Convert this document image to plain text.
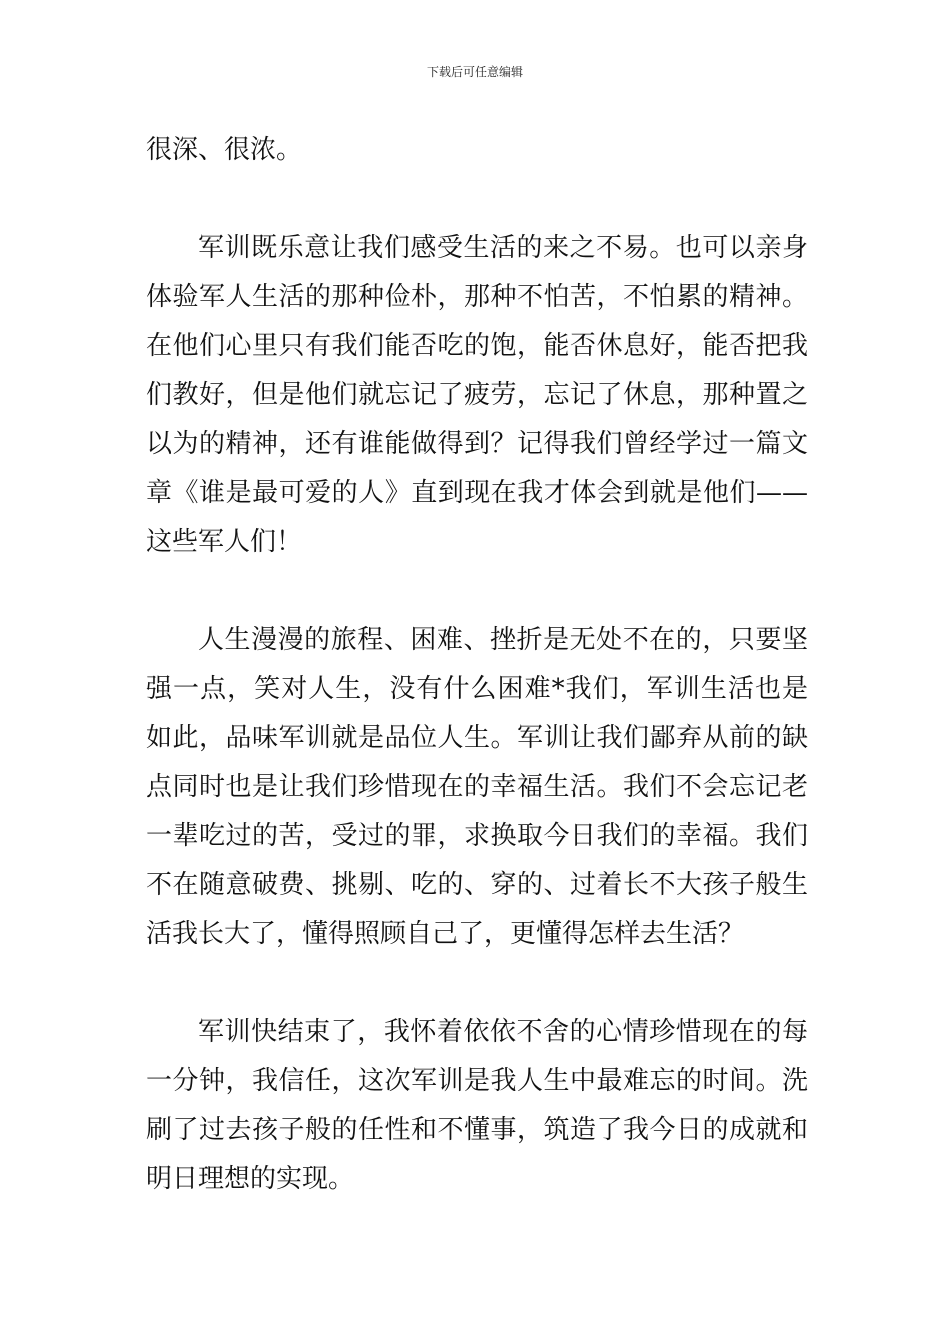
下载后可任意编辑

很深、很浓。

军训既乐意让我们感受生活的来之不易。也可以亲身体验军人生活的那种俭朴，那种不怕苦，不怕累的精神。在他们心里只有我们能否吃的饱，能否休息好，能否把我们教好，但是他们就忘记了疲劳，忘记了休息，那种置之以为的精神，还有谁能做得到？记得我们曾经学过一篇文章《谁是最可爱的人》直到现在我才体会到就是他们——这些军人们！

人生漫漫的旅程、困难、挫折是无处不在的，只要坚强一点，笑对人生，没有什么困难*我们，军训生活也是如此，品味军训就是品位人生。军训让我们鄙弃从前的缺点同时也是让我们珍惜现在的幸福生活。我们不会忘记老一辈吃过的苦，受过的罪，求换取今日我们的幸福。我们不在随意破费、挑剔、吃的、穿的、过着长不大孩子般生活我长大了，懂得照顾自己了，更懂得怎样去生活？

军训快结束了，我怀着依依不舍的心情珍惜现在的每一分钟，我信任，这次军训是我人生中最难忘的时间。洗刷了过去孩子般的任性和不懂事，筑造了我今日的成就和明日理想的实现。
